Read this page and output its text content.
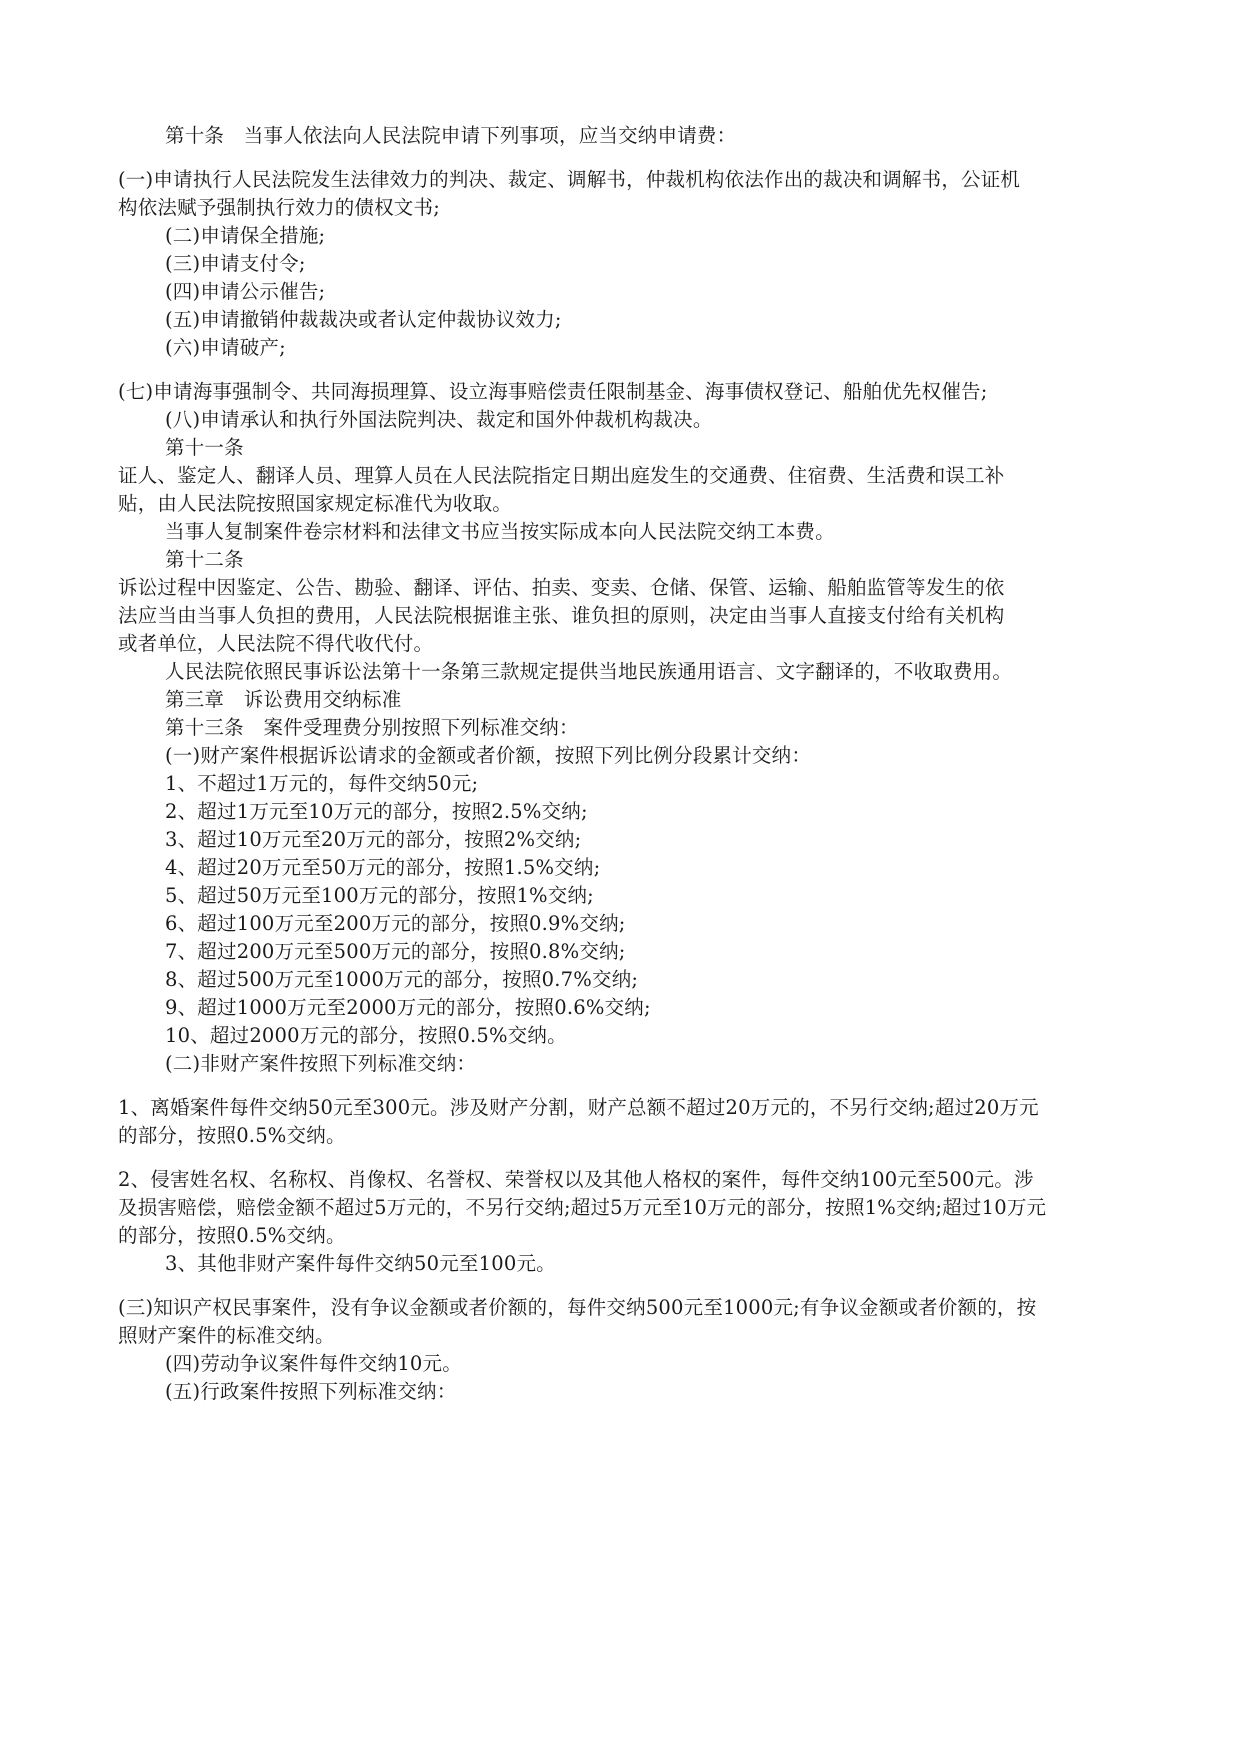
第十条　当事人依法向人民法院申请下列事项，应当交纳申请费：
(一)申请执行人民法院发生法律效力的判决、裁定、调解书，仲裁机构依法作出的裁决和调解书，公证机
构依法赋予强制执行效力的债权文书;
(二)申请保全措施;
(三)申请支付令;
(四)申请公示催告;
(五)申请撤销仲裁裁决或者认定仲裁协议效力;
(六)申请破产;
(七)申请海事强制令、共同海损理算、设立海事赔偿责任限制基金、海事债权登记、船舶优先权催告;
(八)申请承认和执行外国法院判决、裁定和国外仲裁机构裁决。
第十一条
证人、鉴定人、翻译人员、理算人员在人民法院指定日期出庭发生的交通费、住宿费、生活费和误工补
贴，由人民法院按照国家规定标准代为收取。
当事人复制案件卷宗材料和法律文书应当按实际成本向人民法院交纳工本费。
第十二条
诉讼过程中因鉴定、公告、勘验、翻译、评估、拍卖、变卖、仓储、保管、运输、船舶监管等发生的依
法应当由当事人负担的费用，人民法院根据谁主张、谁负担的原则，决定由当事人直接支付给有关机构
或者单位，人民法院不得代收代付。
人民法院依照民事诉讼法第十一条第三款规定提供当地民族通用语言、文字翻译的，不收取费用。
第三章　诉讼费用交纳标准
第十三条　案件受理费分别按照下列标准交纳：
(一)财产案件根据诉讼请求的金额或者价额，按照下列比例分段累计交纳：
1、不超过1万元的，每件交纳50元;
2、超过1万元至10万元的部分，按照2.5%交纳;
3、超过10万元至20万元的部分，按照2%交纳;
4、超过20万元至50万元的部分，按照1.5%交纳;
5、超过50万元至100万元的部分，按照1%交纳;
6、超过100万元至200万元的部分，按照0.9%交纳;
7、超过200万元至500万元的部分，按照0.8%交纳;
8、超过500万元至1000万元的部分，按照0.7%交纳;
9、超过1000万元至2000万元的部分，按照0.6%交纳;
10、超过2000万元的部分，按照0.5%交纳。
(二)非财产案件按照下列标准交纳：
1、离婚案件每件交纳50元至300元。涉及财产分割，财产总额不超过20万元的，不另行交纳;超过20万元
的部分，按照0.5%交纳。
2、侵害姓名权、名称权、肖像权、名誉权、荣誉权以及其他人格权的案件，每件交纳100元至500元。涉
及损害赔偿，赔偿金额不超过5万元的，不另行交纳;超过5万元至10万元的部分，按照1%交纳;超过10万元
的部分，按照0.5%交纳。
3、其他非财产案件每件交纳50元至100元。
(三)知识产权民事案件，没有争议金额或者价额的，每件交纳500元至1000元;有争议金额或者价额的，按
照财产案件的标准交纳。
(四)劳动争议案件每件交纳10元。
(五)行政案件按照下列标准交纳：
